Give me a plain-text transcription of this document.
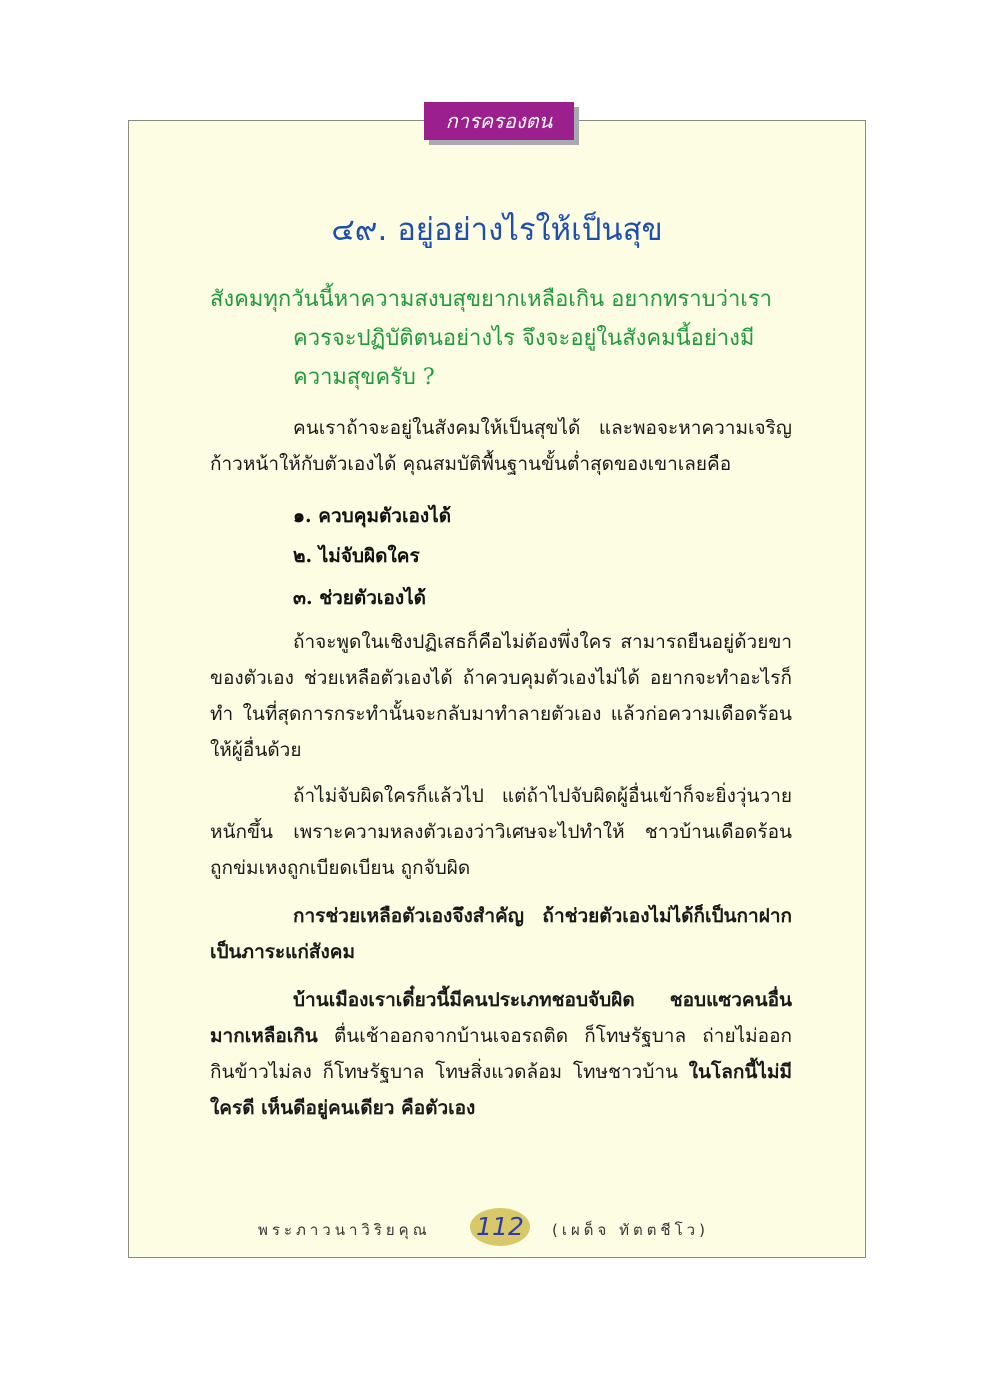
การครองตน
๔๙. อยู่อย่างไรให้เป็นสุข
สังคมทุกวันนี้หาความสงบสุขยากเหลือเกิน อยากทราบว่าเรา
ควรจะปฏิบัติตนอย่างไร จึงจะอยู่ในสังคมนี้อย่างมี ความสุขครับ ?
คนเราถ้าจะอยู่ในสังคมให้เป็นสุขได้ และพอจะหาความเจริญก้าวหน้าให้กับตัวเองได้ คุณสมบัติพื้นฐานขั้นต่ำสุดของเขาเลยคือ
๑. ควบคุมตัวเองได้
๒. ไม่จับผิดใคร
๓. ช่วยตัวเองได้
ถ้าจะพูดในเชิงปฏิเสธก็คือไม่ต้องพึ่งใคร สามารถยืนอยู่ด้วยขาของตัวเอง ช่วยเหลือตัวเองได้ ถ้าควบคุมตัวเองไม่ได้ อยากจะทำอะไรก็ทำ ในที่สุดการกระทำนั้นจะกลับมาทำลายตัวเอง แล้วก่อความเดือดร้อนให้ผู้อื่นด้วย
ถ้าไม่จับผิดใครก็แล้วไป แต่ถ้าไปจับผิดผู้อื่นเข้าก็จะยิ่งวุ่นวายหนักขึ้น เพราะความหลงตัวเองว่าวิเศษจะไปทำให้ ชาวบ้านเดือดร้อน ถูกข่มเหงถูกเบียดเบียน ถูกจับผิด
การช่วยเหลือตัวเองจึงสำคัญ ถ้าช่วยตัวเองไม่ได้ก็เป็นกาฝาก เป็นภาระแก่สังคม
บ้านเมืองเราเดี๋ยวนี้มีคนประเภทชอบจับผิด ชอบแซวคนอื่นมากเหลือเกิน ตื่นเช้าออกจากบ้านเจอรถติด ก็โทษรัฐบาล ถ่ายไม่ออก กินข้าวไม่ลง ก็โทษรัฐบาล โทษสิ่งแวดล้อม โทษชาวบ้าน ในโลกนี้ไม่มีใครดี เห็นดีอยู่คนเดียว คือตัวเอง
พระภาวนาวิริยคุณ 112	(เผด็จ ทัตตชีโว)
